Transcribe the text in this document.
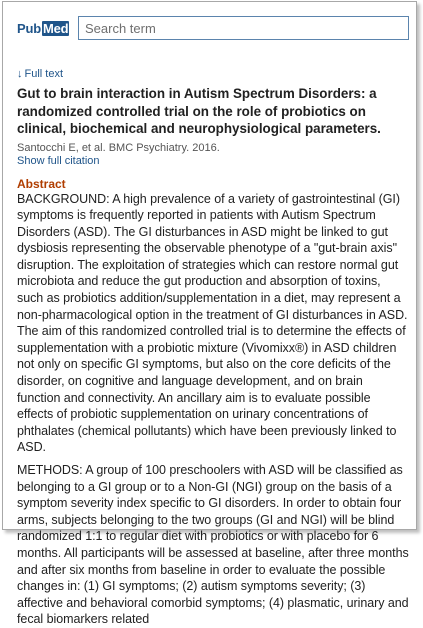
Pub Med
Search term
↓ Full text
Gut to brain interaction in Autism Spectrum Disorders: a randomized controlled trial on the role of probiotics on clinical, biochemical and neurophysiological parameters.
Santocchi E, et al. BMC Psychiatry. 2016.
Show full citation
Abstract

BACKGROUND: A high prevalence of a variety of gastrointestinal (GI) symptoms is frequently reported in patients with Autism Spectrum Disorders (ASD). The GI disturbances in ASD might be linked to gut dysbiosis representing the observable phenotype of a "gut-brain axis" disruption. The exploitation of strategies which can restore normal gut microbiota and reduce the gut production and absorption of toxins, such as probiotics addition/supplementation in a diet, may represent a non-pharmacological option in the treatment of GI disturbances in ASD. The aim of this randomized controlled trial is to determine the effects of supplementation with a probiotic mixture (Vivomixx®) in ASD children not only on specific GI symptoms, but also on the core deficits of the disorder, on cognitive and language development, and on brain function and connectivity. An ancillary aim is to evaluate possible effects of probiotic supplementation on urinary concentrations of phthalates (chemical pollutants) which have been previously linked to ASD.

METHODS: A group of 100 preschoolers with ASD will be classified as belonging to a GI group or to a Non-GI (NGI) group on the basis of a symptom severity index specific to GI disorders. In order to obtain four arms, subjects belonging to the two groups (GI and NGI) will be blind randomized 1:1 to regular diet with probiotics or with placebo for 6 months. All participants will be assessed at baseline, after three months and after six months from baseline in order to evaluate the possible changes in: (1) GI symptoms; (2) autism symptoms severity; (3) affective and behavioral comorbid symptoms; (4) plasmatic, urinary and fecal biomarkers related
